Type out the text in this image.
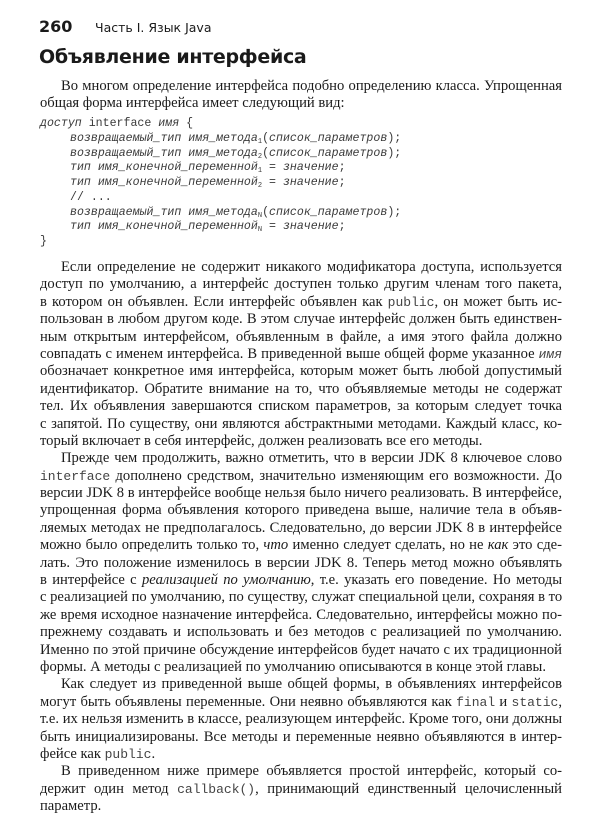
260 Часть I. Язык Java
Объявление интерфейса
Во многом определение интерфейса подобно определению класса. Упрощенная
общая форма интерфейса имеет следующий вид:
доступ interface имя {
возвращаемый_тип имя_метода$_1$(список_параметров);
возвращаемый_тип имя_метода$_2$(список_параметров);
тип имя_конечной_переменной$_1$ = значение;
тип имя_конечной_переменной$_2$ = значение;
// ...
возвращаемый_тип имя_метода$_N$(список_параметров);
тип имя_конечной_переменной$_N$ = значение;
}
Если определение не содержит никакого модификатора доступа, используется
доступ по умолчанию, а интерфейс доступен только другим членам того пакета,
в котором он объявлен. Если интерфейс объявлен как public, он может быть ис-
пользован в любом другом коде. В этом случае интерфейс должен быть единствен-
ным открытым интерфейсом, объявленным в файле, а имя этого файла должно
совпадать с именем интерфейса. В приведенной выше общей форме указанное имя
обозначает конкретное имя интерфейса, которым может быть любой допустимый
идентификатор. Обратите внимание на то, что объявляемые методы не содержат
тел. Их объявления завершаются списком параметров, за которым следует точка
с запятой. По существу, они являются абстрактными методами. Каждый класс, ко-
торый включает в себя интерфейс, должен реализовать все его методы.
Прежде чем продолжить, важно отметить, что в версии JDK 8 ключевое слово
interface дополнено средством, значительно изменяющим его возможности. До
версии JDK 8 в интерфейсе вообще нельзя было ничего реализовать. В интерфейсе,
упрощенная форма объявления которого приведена выше, наличие тела в объяв-
ляемых методах не предполагалось. Следовательно, до версии JDK 8 в интерфейсе
можно было определить только то, что именно следует сделать, но не как это сде-
лать. Это положение изменилось в версии JDK 8. Теперь метод можно объявлять
в интерфейсе с реализацией по умолчанию, т.е. указать его поведение. Но методы
с реализацией по умолчанию, по существу, служат специальной цели, сохраняя в то
же время исходное назначение интерфейса. Следовательно, интерфейсы можно по-
прежнему создавать и использовать и без методов с реализацией по умолчанию.
Именно по этой причине обсуждение интерфейсов будет начато с их традиционной
формы. А методы с реализацией по умолчанию описываются в конце этой главы.
Как следует из приведенной выше общей формы, в объявлениях интерфейсов
могут быть объявлены переменные. Они неявно объявляются как final и static,
т.е. их нельзя изменить в классе, реализующем интерфейс. Кроме того, они должны
быть инициализированы. Все методы и переменные неявно объявляются в интер-
фейсе как public.
В приведенном ниже примере объявляется простой интерфейс, который со-
держит один метод callback(), принимающий единственный целочисленный
параметр.
